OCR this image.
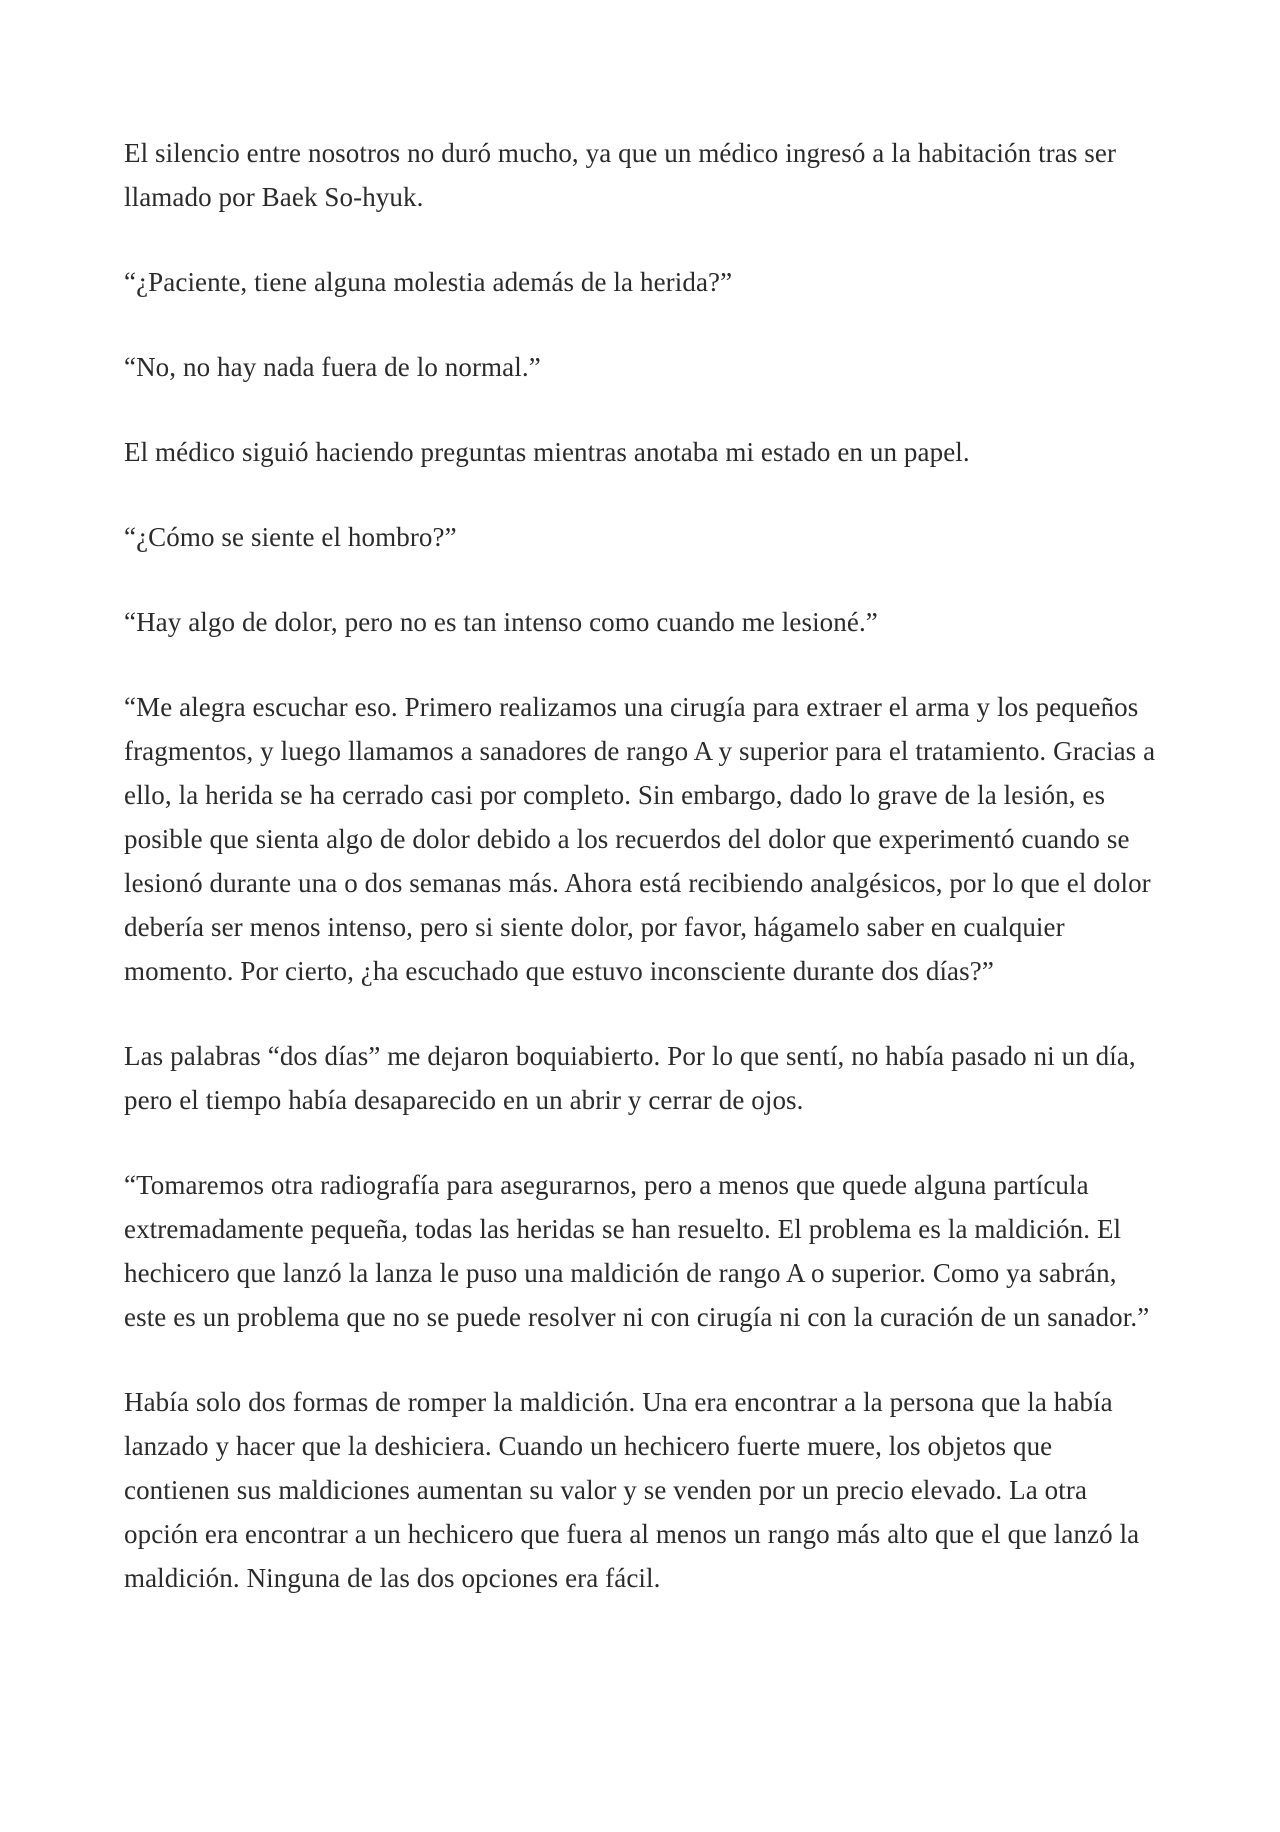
El silencio entre nosotros no duró mucho, ya que un médico ingresó a la habitación tras ser llamado por Baek So-hyuk.

“¿Paciente, tiene alguna molestia además de la herida?”

“No, no hay nada fuera de lo normal.”

El médico siguió haciendo preguntas mientras anotaba mi estado en un papel.

“¿Cómo se siente el hombro?”

“Hay algo de dolor, pero no es tan intenso como cuando me lesioné.”

“Me alegra escuchar eso. Primero realizamos una cirugía para extraer el arma y los pequeños fragmentos, y luego llamamos a sanadores de rango A y superior para el tratamiento. Gracias a ello, la herida se ha cerrado casi por completo. Sin embargo, dado lo grave de la lesión, es posible que sienta algo de dolor debido a los recuerdos del dolor que experimentó cuando se lesionó durante una o dos semanas más. Ahora está recibiendo analgésicos, por lo que el dolor debería ser menos intenso, pero si siente dolor, por favor, hágamelo saber en cualquier momento. Por cierto, ¿ha escuchado que estuvo inconsciente durante dos días?”

Las palabras “dos días” me dejaron boquiabierto. Por lo que sentí, no había pasado ni un día, pero el tiempo había desaparecido en un abrir y cerrar de ojos.

“Tomaremos otra radiografía para asegurarnos, pero a menos que quede alguna partícula extremadamente pequeña, todas las heridas se han resuelto. El problema es la maldición. El hechicero que lanzó la lanza le puso una maldición de rango A o superior. Como ya sabrán, este es un problema que no se puede resolver ni con cirugía ni con la curación de un sanador.”

Había solo dos formas de romper la maldición. Una era encontrar a la persona que la había lanzado y hacer que la deshiciera. Cuando un hechicero fuerte muere, los objetos que contienen sus maldiciones aumentan su valor y se venden por un precio elevado. La otra opción era encontrar a un hechicero que fuera al menos un rango más alto que el que lanzó la maldición. Ninguna de las dos opciones era fácil.
